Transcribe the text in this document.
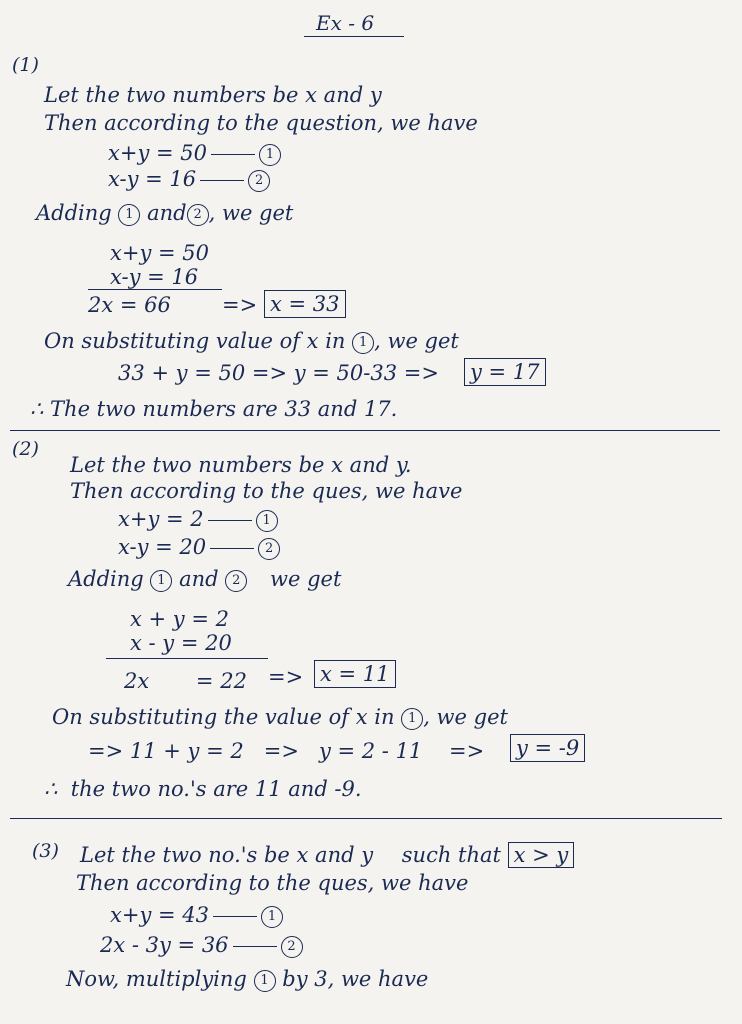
Ex - 6
(1)
Let the two numbers be x and y
Then according to the question, we have
x+y = 50	1
x-y = 16	2
Adding 1 and 2 , we get
x+y = 50
x-y = 16
2x = 66 => x = 33
On substituting value of x in 1 , we get
33 + y = 50 => y = 50-33 => y = 17
∴ The two numbers are 33 and 17.
(2)
Let the two numbers be x and y.
Then according to the ques, we have
x+y = 2	1
x-y = 20	2
Adding 1 and 2 we get
x + y = 2
x - y = 20
2x       = 22 => x = 11
On substituting the value of x in 1 , we get
=> 11 + y = 2   =>   y = 2 - 11    => y = -9
∴  the two no.'s are 11 and -9.
(3) Let the two no.'s be x and y such that x > y
Then according to the ques, we have
x+y = 43	1
2x - 3y = 36	2
Now, multiplying 1 by 3, we have
